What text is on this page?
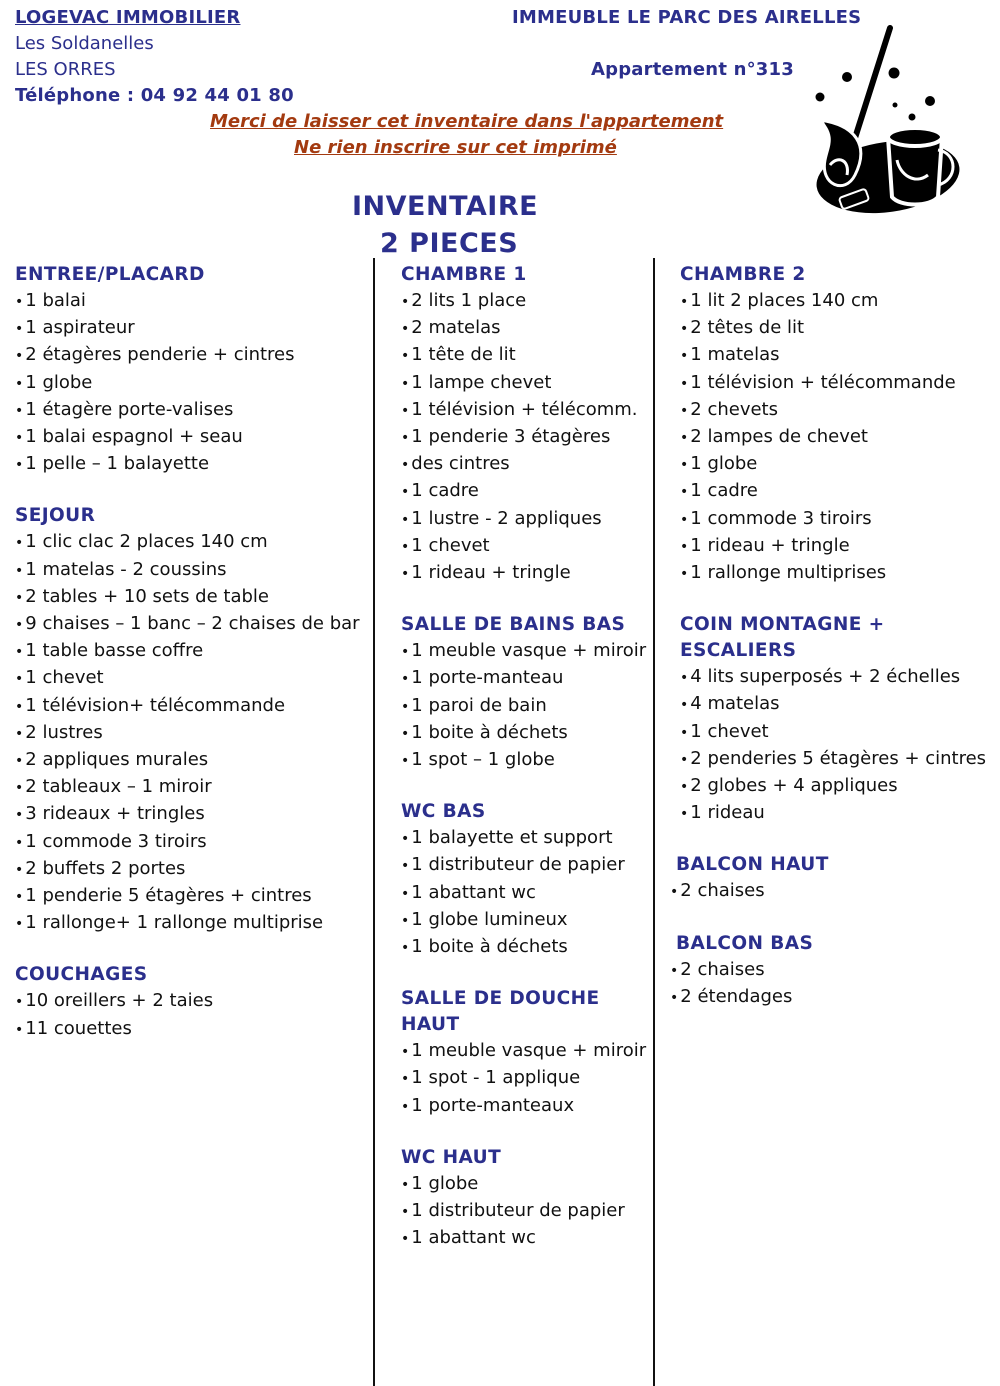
LOGEVAC IMMOBILIER
Les Soldanelles
LES ORRES
Téléphone : 04 92 44 01 80
IMMEUBLE LE PARC DES AIRELLES
Appartement n°313
Merci de laisser cet inventaire dans l'appartement
Ne rien inscrire sur cet imprimé
INVENTAIRE
2 PIECES
ENTREE/PLACARD
• 1 balai
• 1 aspirateur
• 2 étagères penderie + cintres
• 1 globe
• 1 étagère porte-valises
• 1 balai espagnol + seau
• 1 pelle – 1 balayette
SEJOUR
• 1 clic clac 2 places 140 cm
• 1 matelas - 2 coussins
• 2 tables + 10 sets de table
• 9 chaises – 1 banc – 2 chaises de bar
• 1 table basse coffre
• 1 chevet
• 1 télévision+ télécommande
• 2 lustres
• 2 appliques murales
• 2 tableaux – 1 miroir
• 3 rideaux + tringles
• 1 commode 3 tiroirs
• 2 buffets 2 portes
• 1 penderie 5 étagères + cintres
• 1 rallonge+ 1 rallonge multiprise
COUCHAGES
• 10 oreillers + 2 taies
• 11 couettes
CHAMBRE 1
• 2 lits 1 place
• 2 matelas
• 1 tête de lit
• 1 lampe chevet
• 1 télévision + télécomm.
• 1 penderie 3 étagères
• des cintres
• 1 cadre
• 1 lustre - 2 appliques
• 1 chevet
• 1 rideau + tringle
SALLE DE BAINS BAS
• 1 meuble vasque + miroir
• 1 porte-manteau
• 1 paroi de bain
• 1 boite à déchets
• 1 spot – 1 globe
WC BAS
• 1 balayette et support
• 1 distributeur de papier
• 1 abattant wc
• 1 globe lumineux
• 1 boite à déchets
SALLE DE DOUCHE HAUT
• 1 meuble vasque + miroir
• 1 spot - 1 applique
• 1 porte-manteaux
WC HAUT
• 1 globe
• 1 distributeur de papier
• 1 abattant wc
CHAMBRE 2
• 1 lit 2 places 140 cm
• 2 têtes de lit
• 1 matelas
• 1 télévision + télécommande
• 2 chevets
• 2 lampes de chevet
• 1 globe
• 1 cadre
• 1 commode 3 tiroirs
• 1 rideau + tringle
• 1 rallonge multiprises
COIN MONTAGNE + ESCALIERS
• 4 lits superposés + 2 échelles
• 4 matelas
• 1 chevet
• 2 penderies 5 étagères + cintres
• 2 globes + 4 appliques
• 1 rideau
BALCON HAUT
• 2 chaises
BALCON BAS
• 2 chaises
• 2 étendages
